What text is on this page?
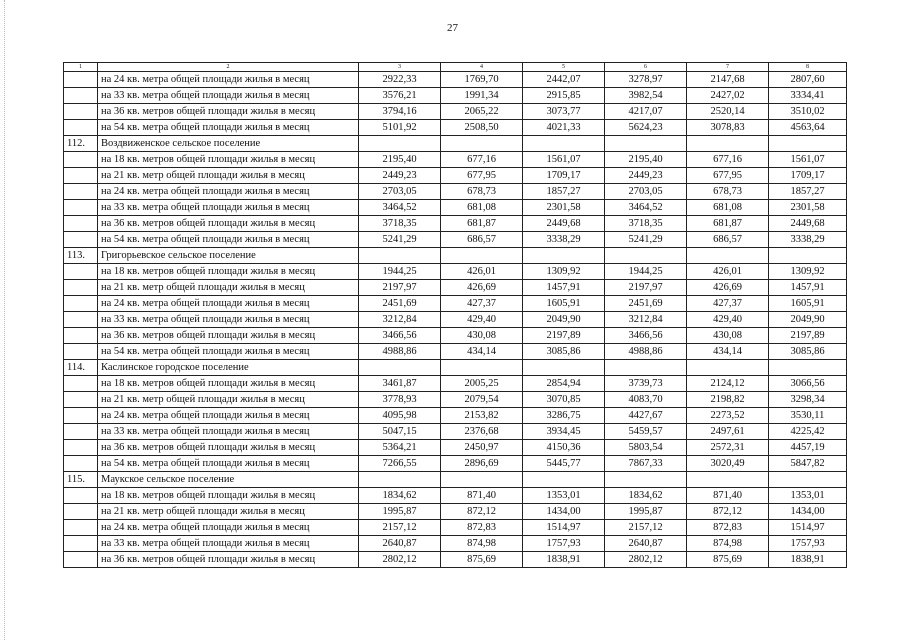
27
1	2	3	4	5	6	7	8
	на 24 кв. метра общей площади жилья в месяц	2922,33	1769,70	2442,07	3278,97	2147,68	2807,60
	на 33 кв. метра общей площади жилья в месяц	3576,21	1991,34	2915,85	3982,54	2427,02	3334,41
	на 36 кв. метров общей площади жилья в месяц	3794,16	2065,22	3073,77	4217,07	2520,14	3510,02
	на 54 кв. метра общей площади жилья в месяц	5101,92	2508,50	4021,33	5624,23	3078,83	4563,64
112.	Воздвиженское сельское поселение						
	на 18 кв. метров общей площади жилья в месяц	2195,40	677,16	1561,07	2195,40	677,16	1561,07
	на 21 кв. метр общей площади жилья в месяц	2449,23	677,95	1709,17	2449,23	677,95	1709,17
	на 24 кв. метра общей площади жилья в месяц	2703,05	678,73	1857,27	2703,05	678,73	1857,27
	на 33 кв. метра общей площади жилья в месяц	3464,52	681,08	2301,58	3464,52	681,08	2301,58
	на 36 кв. метров общей площади жилья в месяц	3718,35	681,87	2449,68	3718,35	681,87	2449,68
	на 54 кв. метра общей площади жилья в месяц	5241,29	686,57	3338,29	5241,29	686,57	3338,29
113.	Григорьевское сельское поселение						
	на 18 кв. метров общей площади жилья в месяц	1944,25	426,01	1309,92	1944,25	426,01	1309,92
	на 21 кв. метр общей площади жилья в месяц	2197,97	426,69	1457,91	2197,97	426,69	1457,91
	на 24 кв. метра общей площади жилья в месяц	2451,69	427,37	1605,91	2451,69	427,37	1605,91
	на 33 кв. метра общей площади жилья в месяц	3212,84	429,40	2049,90	3212,84	429,40	2049,90
	на 36 кв. метров общей площади жилья в месяц	3466,56	430,08	2197,89	3466,56	430,08	2197,89
	на 54 кв. метра общей площади жилья в месяц	4988,86	434,14	3085,86	4988,86	434,14	3085,86
114.	Каслинское городское поселение						
	на 18 кв. метров общей площади жилья в месяц	3461,87	2005,25	2854,94	3739,73	2124,12	3066,56
	на 21 кв. метр общей площади жилья в месяц	3778,93	2079,54	3070,85	4083,70	2198,82	3298,34
	на 24 кв. метра общей площади жилья в месяц	4095,98	2153,82	3286,75	4427,67	2273,52	3530,11
	на 33 кв. метра общей площади жилья в месяц	5047,15	2376,68	3934,45	5459,57	2497,61	4225,42
	на 36 кв. метров общей площади жилья в месяц	5364,21	2450,97	4150,36	5803,54	2572,31	4457,19
	на 54 кв. метра общей площади жилья в месяц	7266,55	2896,69	5445,77	7867,33	3020,49	5847,82
115.	Маукское сельское поселение						
	на 18 кв. метров общей площади жилья в месяц	1834,62	871,40	1353,01	1834,62	871,40	1353,01
	на 21 кв. метр общей площади жилья в месяц	1995,87	872,12	1434,00	1995,87	872,12	1434,00
	на 24 кв. метра общей площади жилья в месяц	2157,12	872,83	1514,97	2157,12	872,83	1514,97
	на 33 кв. метра общей площади жилья в месяц	2640,87	874,98	1757,93	2640,87	874,98	1757,93
	на 36 кв. метров общей площади жилья в месяц	2802,12	875,69	1838,91	2802,12	875,69	1838,91
